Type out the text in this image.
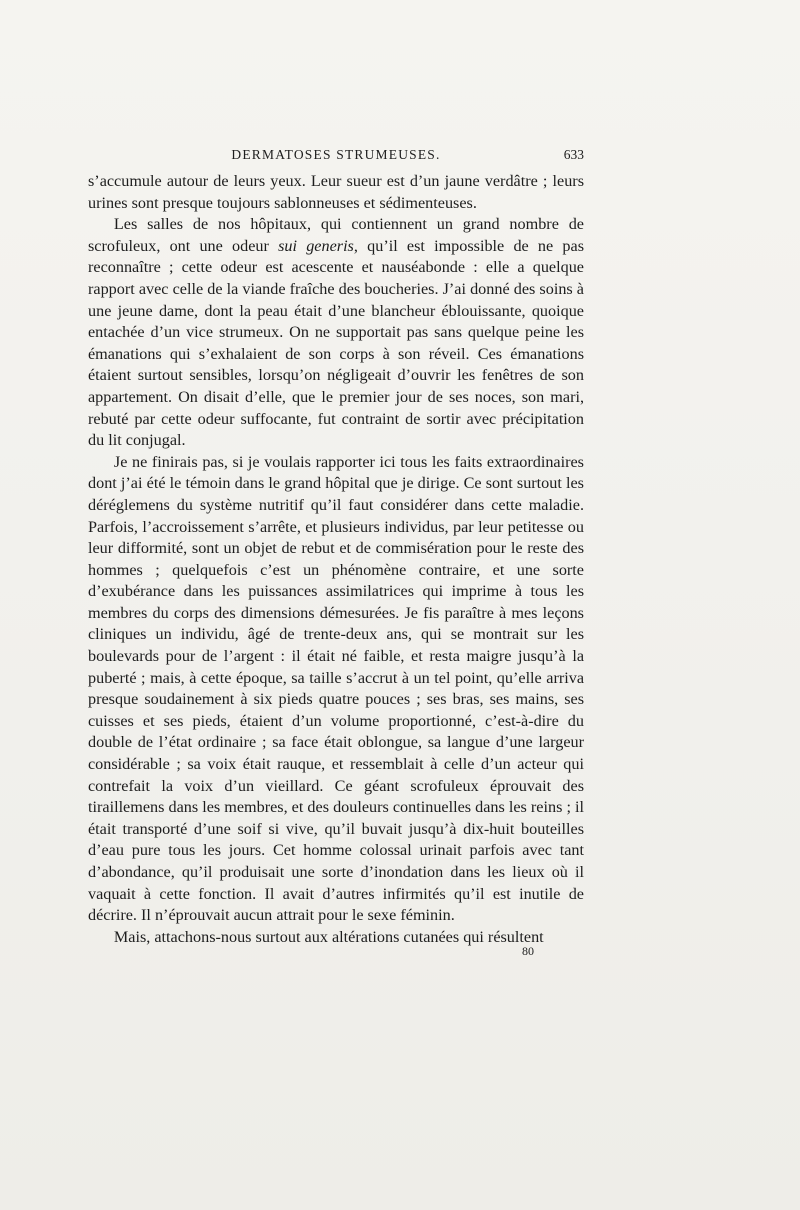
DERMATOSES STRUMEUSES.	633

s’accumule autour de leurs yeux. Leur sueur est d’un jaune verdâtre ; leurs urines sont presque toujours sablonneuses et sédimenteuses.

Les salles de nos hôpitaux, qui contiennent un grand nombre de scrofuleux, ont une odeur sui generis, qu’il est impossible de ne pas reconnaître ; cette odeur est acescente et nauséabonde : elle a quelque rapport avec celle de la viande fraîche des boucheries. J’ai donné des soins à une jeune dame, dont la peau était d’une blancheur éblouissante, quoique entachée d’un vice strumeux. On ne supportait pas sans quelque peine les émanations qui s’exhalaient de son corps à son réveil. Ces émanations étaient surtout sensibles, lorsqu’on négligeait d’ouvrir les fenêtres de son appartement. On disait d’elle, que le premier jour de ses noces, son mari, rebuté par cette odeur suffocante, fut contraint de sortir avec précipitation du lit conjugal.

Je ne finirais pas, si je voulais rapporter ici tous les faits extraordinaires dont j’ai été le témoin dans le grand hôpital que je dirige. Ce sont surtout les déréglemens du système nutritif qu’il faut considérer dans cette maladie. Parfois, l’accroissement s’arrête, et plusieurs individus, par leur petitesse ou leur difformité, sont un objet de rebut et de commisération pour le reste des hommes ; quelquefois c’est un phénomène contraire, et une sorte d’exubérance dans les puissances assimilatrices qui imprime à tous les membres du corps des dimensions démesurées. Je fis paraître à mes leçons cliniques un individu, âgé de trente-deux ans, qui se montrait sur les boulevards pour de l’argent : il était né faible, et resta maigre jusqu’à la puberté ; mais, à cette époque, sa taille s’accrut à un tel point, qu’elle arriva presque soudainement à six pieds quatre pouces ; ses bras, ses mains, ses cuisses et ses pieds, étaient d’un volume proportionné, c’est-à-dire du double de l’état ordinaire ; sa face était oblongue, sa langue d’une largeur considérable ; sa voix était rauque, et ressemblait à celle d’un acteur qui contrefait la voix d’un vieillard. Ce géant scrofuleux éprouvait des tiraillemens dans les membres, et des douleurs continuelles dans les reins ; il était transporté d’une soif si vive, qu’il buvait jusqu’à dix-huit bouteilles d’eau pure tous les jours. Cet homme colossal urinait parfois avec tant d’abondance, qu’il produisait une sorte d’inondation dans les lieux où il vaquait à cette fonction. Il avait d’autres infirmités qu’il est inutile de décrire. Il n’éprouvait aucun attrait pour le sexe féminin.

Mais, attachons-nous surtout aux altérations cutanées qui résultent

80
